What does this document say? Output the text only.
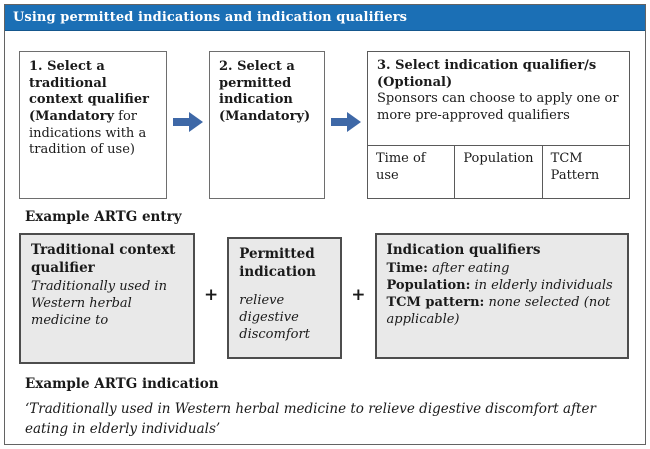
Using permitted indications and indication qualifiers
1. Select a traditional context qualifier (Mandatory for indications with a tradition of use)
2. Select a permitted indication (Mandatory)
3. Select indication qualifier/s (Optional)
Sponsors can choose to apply one or more pre-approved qualifiers
Time of use
Population	TCM Pattern
Example ARTG entry
Traditional context qualifier
Traditionally used in Western herbal medicine to
+
Permitted indication
relieve digestive discomfort
+
Indication qualifiers
Time: after eating
Population: in elderly individuals
TCM pattern: none selected (not applicable)
Example ARTG indication
‘Traditionally used in Western herbal medicine to relieve digestive discomfort after eating in elderly individuals’
